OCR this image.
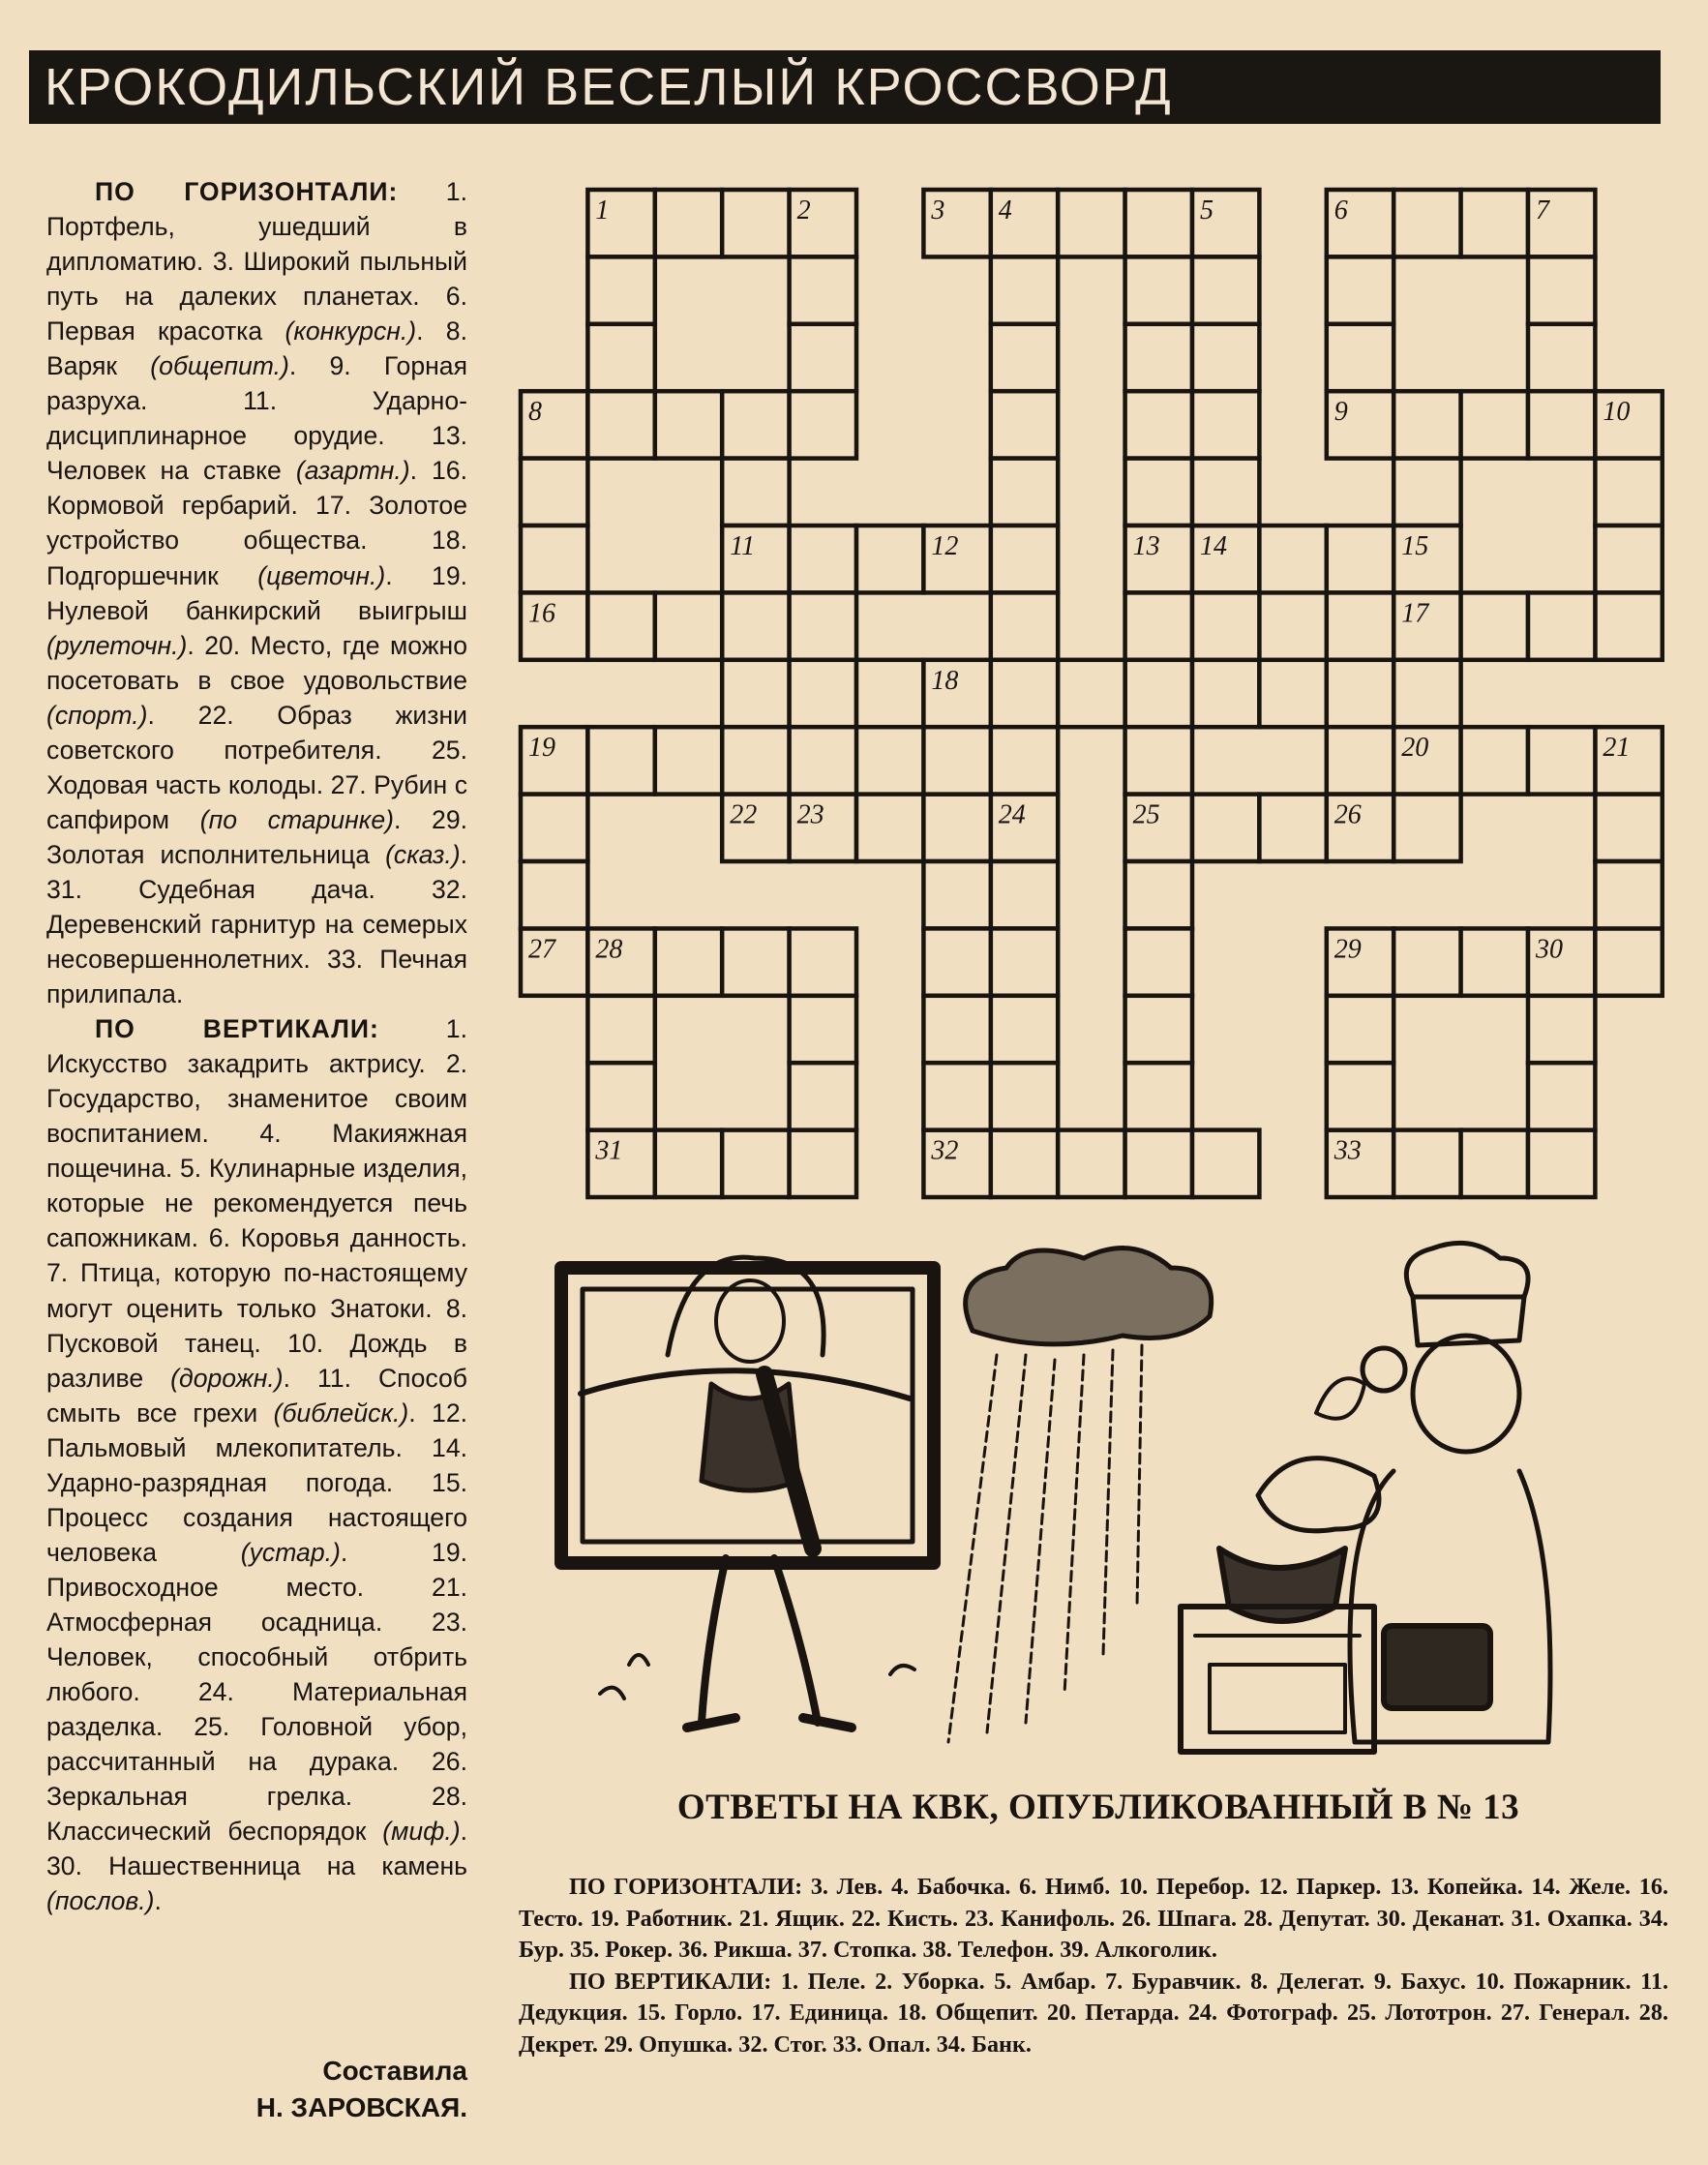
КРОКОДИЛЬСКИЙ ВЕСЕЛЫЙ КРОССВОРД

ПО ГОРИЗОНТАЛИ: 1. Портфель, ушедший в дипломатию. 3. Широкий пыльный путь на далеких планетах. 6. Первая красотка (конкурсн.). 8. Варяк (общепит.). 9. Горная разруха. 11. Ударно-дисциплинарное орудие. 13. Человек на ставке (азартн.). 16. Кормовой гербарий. 17. Золотое устройство общества. 18. Подгоршечник (цветочн.). 19. Нулевой банкирский выигрыш (рулеточн.). 20. Место, где можно посетовать в свое удовольствие (спорт.). 22. Образ жизни советского потребителя. 25. Ходовая часть колоды. 27. Рубин с сапфиром (по старинке). 29. Золотая исполнительница (сказ.). 31. Судебная дача. 32. Деревенский гарнитур на семерых несовершеннолетних. 33. Печная прилипала.

ПО ВЕРТИКАЛИ: 1. Искусство закадрить актрису. 2. Государство, знаменитое своим воспитанием. 4. Макияжная пощечина. 5. Кулинарные изделия, которые не рекомендуется печь сапожникам. 6. Коровья данность. 7. Птица, которую по-настоящему могут оценить только Знатоки. 8. Пусковой танец. 10. Дождь в разливе (дорожн.). 11. Способ смыть все грехи (библейск.). 12. Пальмовый млекопитатель. 14. Ударно-разрядная погода. 15. Процесс создания настоящего человека (устар.). 19. Привосходное место. 21. Атмосферная осадница. 23. Человек, способный отбрить любого. 24. Материальная разделка. 25. Головной убор, рассчитанный на дурака. 26. Зеркальная грелка. 28. Классический беспорядок (миф.). 30. Нашественница на камень (послов.).

Составила
Н. ЗАРОВСКАЯ.
1	2	3 4	5	6	7
8	9	10
11	12	13 14	15
16	17
18
19	20	21
22 23	24	25	26
27 28	29	30
31	32	33
ОТВЕТЫ НА КВК, ОПУБЛИКОВАННЫЙ В № 13

ПО ГОРИЗОНТАЛИ: 3. Лев. 4. Бабочка. 6. Нимб. 10. Перебор. 12. Паркер. 13. Копейка. 14. Желе. 16. Тесто. 19. Работник. 21. Ящик. 22. Кисть. 23. Канифоль. 26. Шпага. 28. Депутат. 30. Деканат. 31. Охапка. 34. Бур. 35. Рокер. 36. Рикша. 37. Стопка. 38. Телефон. 39. Алкоголик.

ПО ВЕРТИКАЛИ: 1. Пеле. 2. Уборка. 5. Амбар. 7. Буравчик. 8. Делегат. 9. Бахус. 10. Пожарник. 11. Дедукция. 15. Горло. 17. Единица. 18. Общепит. 20. Петарда. 24. Фотограф. 25. Лототрон. 27. Генерал. 28. Декрет. 29. Опушка. 32. Стог. 33. Опал. 34. Банк.
